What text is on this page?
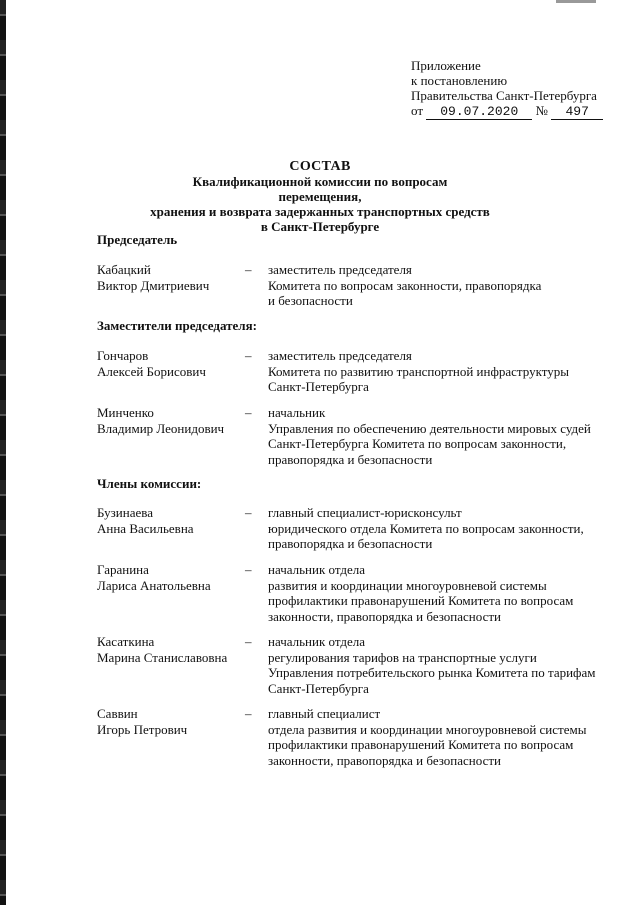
Приложение
к постановлению
Правительства Санкт-Петербурга
от 09.07.2020 № 497
СОСТАВ
Квалификационной комиссии по вопросам перемещения,
хранения и возврата задержанных транспортных средств
в Санкт-Петербурге
Председатель
Кабацкий
Виктор Дмитриевич
– заместитель председателя
Комитета по вопросам законности, правопорядка
и безопасности
Заместители председателя:
Гончаров
Алексей Борисович
– заместитель председателя
Комитета по развитию транспортной инфраструктуры
Санкт-Петербурга
Минченко
Владимир Леонидович
– начальник
Управления по обеспечению деятельности мировых судей
Санкт-Петербурга Комитета по вопросам законности,
правопорядка и безопасности
Члены комиссии:
Бузинаева
Анна Васильевна
– главный специалист-юрисконсульт
юридического отдела Комитета по вопросам законности,
правопорядка и безопасности
Гаранина
Лариса Анатольевна
– начальник отдела
развития и координации многоуровневой системы
профилактики правонарушений Комитета по вопросам
законности, правопорядка и безопасности
Касаткина
Марина Станиславовна
– начальник отдела
регулирования тарифов на транспортные услуги
Управления потребительского рынка Комитета по тарифам
Санкт-Петербурга
Саввин
Игорь Петрович
– главный специалист
отдела развития и координации многоуровневой системы
профилактики правонарушений Комитета по вопросам
законности, правопорядка и безопасности
